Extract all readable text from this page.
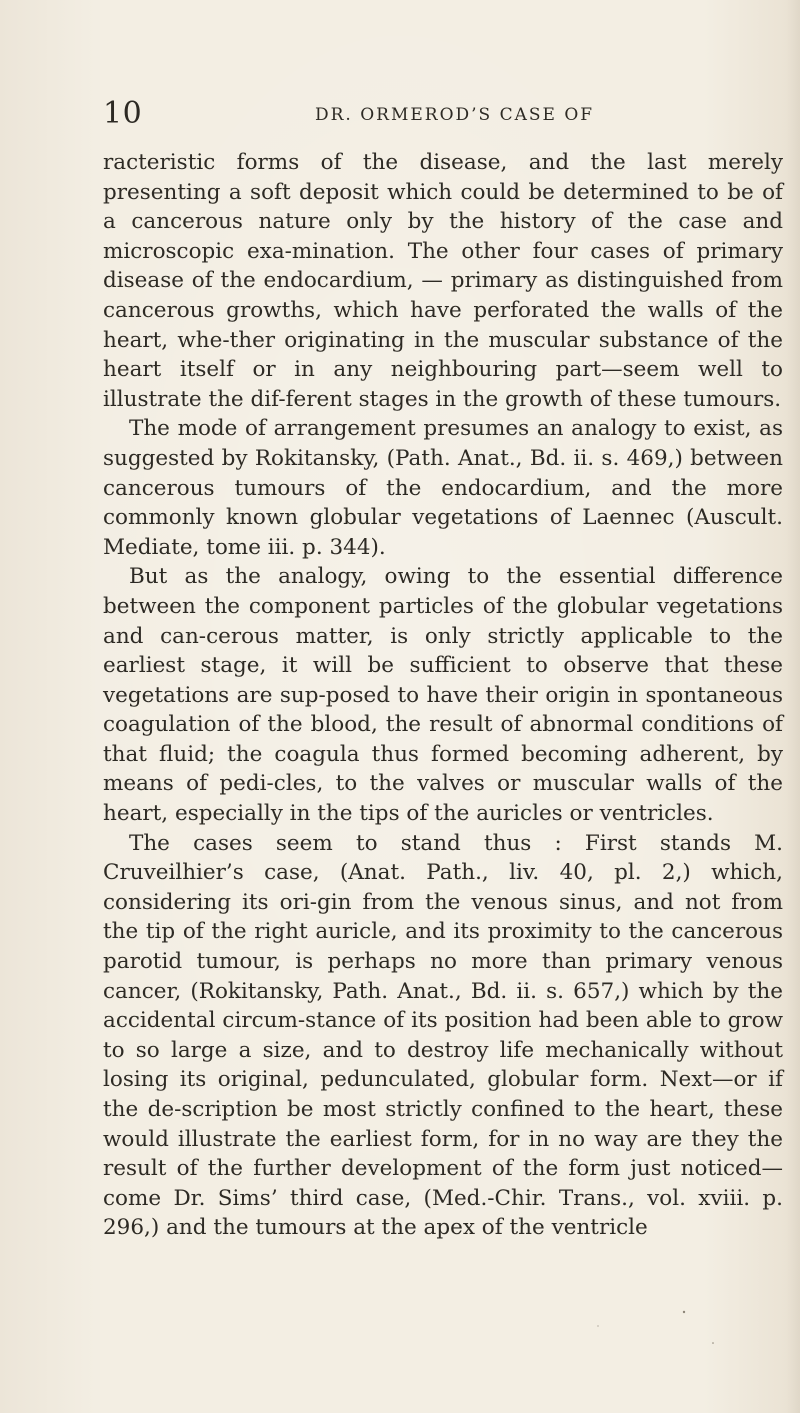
10	DR. ORMEROD’S CASE OF

racteristic forms of the disease, and the last merely presenting a soft deposit which could be determined to be of a cancerous nature only by the history of the case and microscopic exa-mination. The other four cases of primary disease of the endocardium, — primary as distinguished from cancerous growths, which have perforated the walls of the heart, whe-ther originating in the muscular substance of the heart itself or in any neighbouring part—seem well to illustrate the dif-ferent stages in the growth of these tumours.

The mode of arrangement presumes an analogy to exist, as suggested by Rokitansky, (Path. Anat., Bd. ii. s. 469,) between cancerous tumours of the endocardium, and the more commonly known globular vegetations of Laennec (Auscult. Mediate, tome iii. p. 344).

But as the analogy, owing to the essential difference between the component particles of the globular vegetations and can-cerous matter, is only strictly applicable to the earliest stage, it will be sufficient to observe that these vegetations are sup-posed to have their origin in spontaneous coagulation of the blood, the result of abnormal conditions of that fluid; the coagula thus formed becoming adherent, by means of pedi-cles, to the valves or muscular walls of the heart, especially in the tips of the auricles or ventricles.

The cases seem to stand thus : First stands M. Cruveilhier’s case, (Anat. Path., liv. 40, pl. 2,) which, considering its ori-gin from the venous sinus, and not from the tip of the right auricle, and its proximity to the cancerous parotid tumour, is perhaps no more than primary venous cancer, (Rokitansky, Path. Anat., Bd. ii. s. 657,) which by the accidental circum-stance of its position had been able to grow to so large a size, and to destroy life mechanically without losing its original, pedunculated, globular form. Next—or if the de-scription be most strictly confined to the heart, these would illustrate the earliest form, for in no way are they the result of the further development of the form just noticed—come Dr. Sims’ third case, (Med.-Chir. Trans., vol. xviii. p. 296,) and the tumours at the apex of the ventricle
